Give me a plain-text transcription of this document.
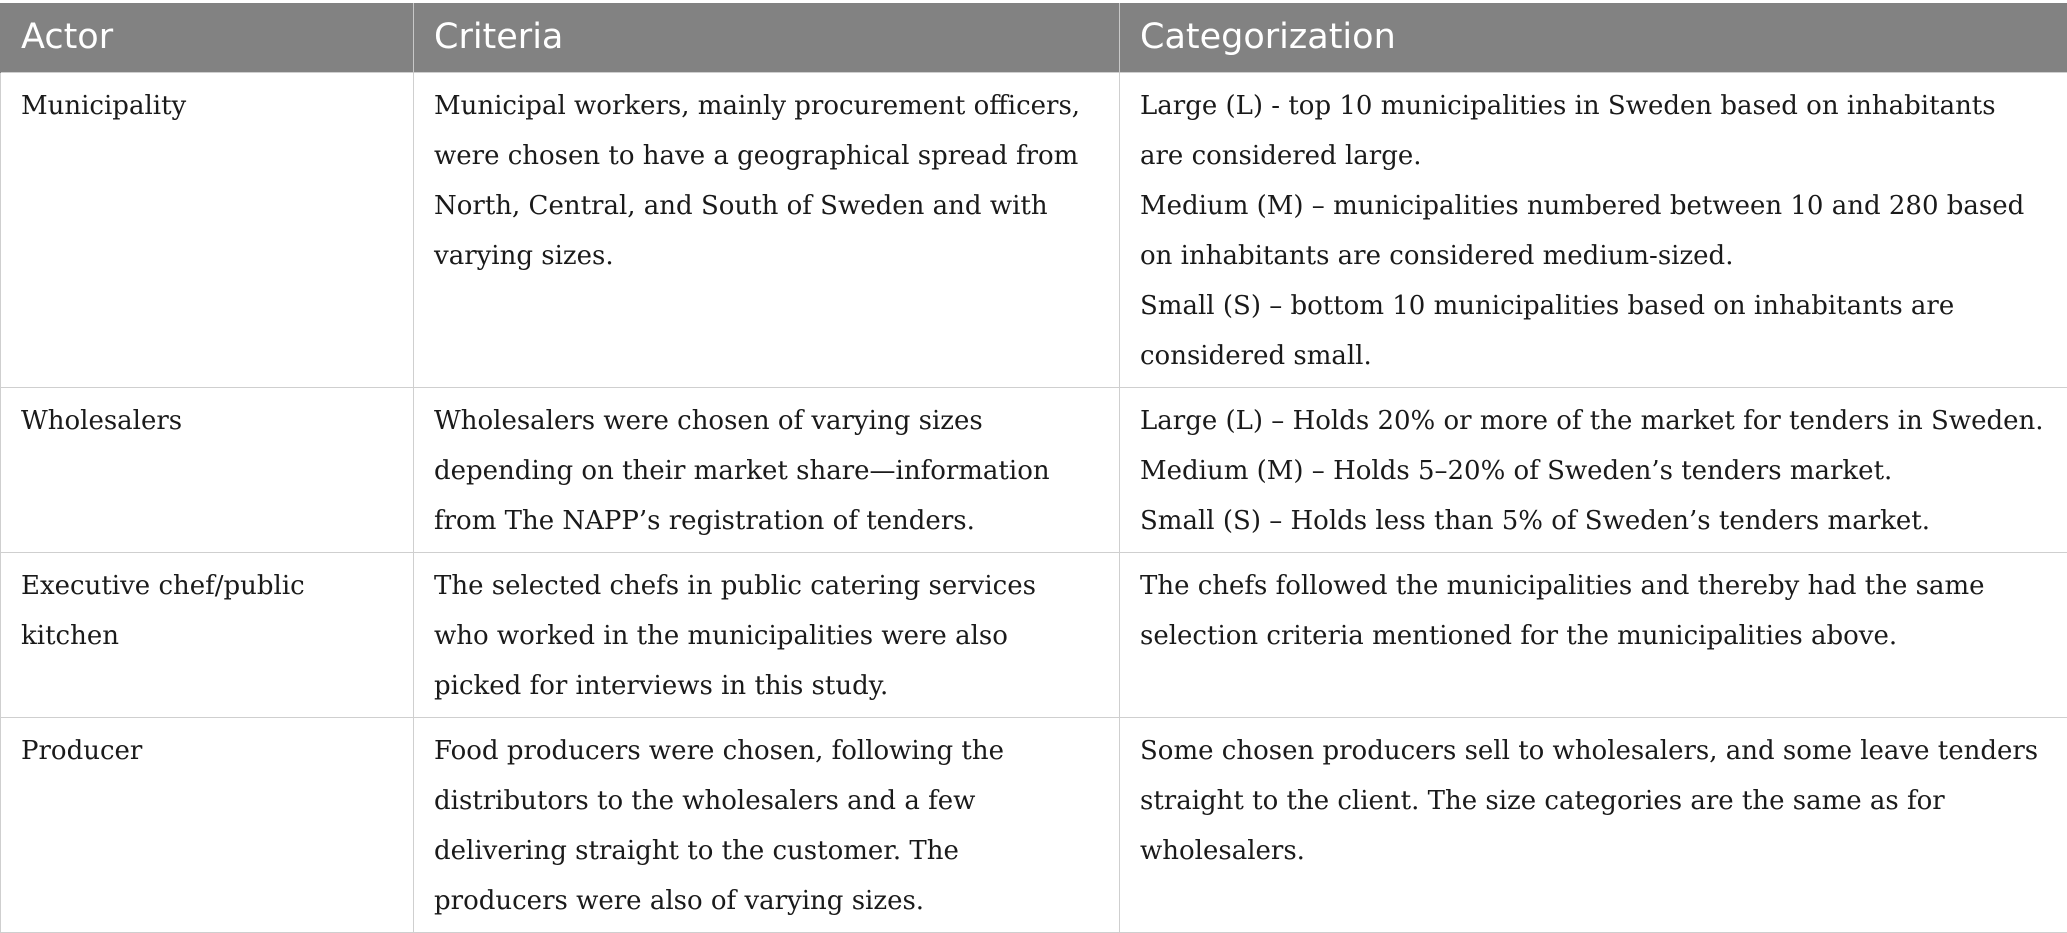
Actor	Criteria	Categorization
Municipality	Municipal workers, mainly procurement officers, were chosen to have a geographical spread from North, Central, and South of Sweden and with varying sizes.	Large (L) - top 10 municipalities in Sweden based on inhabitants are considered large.
Medium (M) – municipalities numbered between 10 and 280 based on inhabitants are considered medium-sized.
Small (S) – bottom 10 municipalities based on inhabitants are considered small.

Wholesalers	Wholesalers were chosen of varying sizes depending on their market share—information from The NAPP’s registration of tenders.	Large (L) – Holds 20% or more of the market for tenders in Sweden.
Medium (M) – Holds 5–20% of Sweden’s tenders market.
Small (S) – Holds less than 5% of Sweden’s tenders market.

Executive chef/public kitchen	The selected chefs in public catering services who worked in the municipalities were also picked for interviews in this study.	The chefs followed the municipalities and thereby had the same selection criteria mentioned for the municipalities above.

Producer	Food producers were chosen, following the distributors to the wholesalers and a few delivering straight to the customer. The producers were also of varying sizes.	Some chosen producers sell to wholesalers, and some leave tenders straight to the client. The size categories are the same as for wholesalers.
